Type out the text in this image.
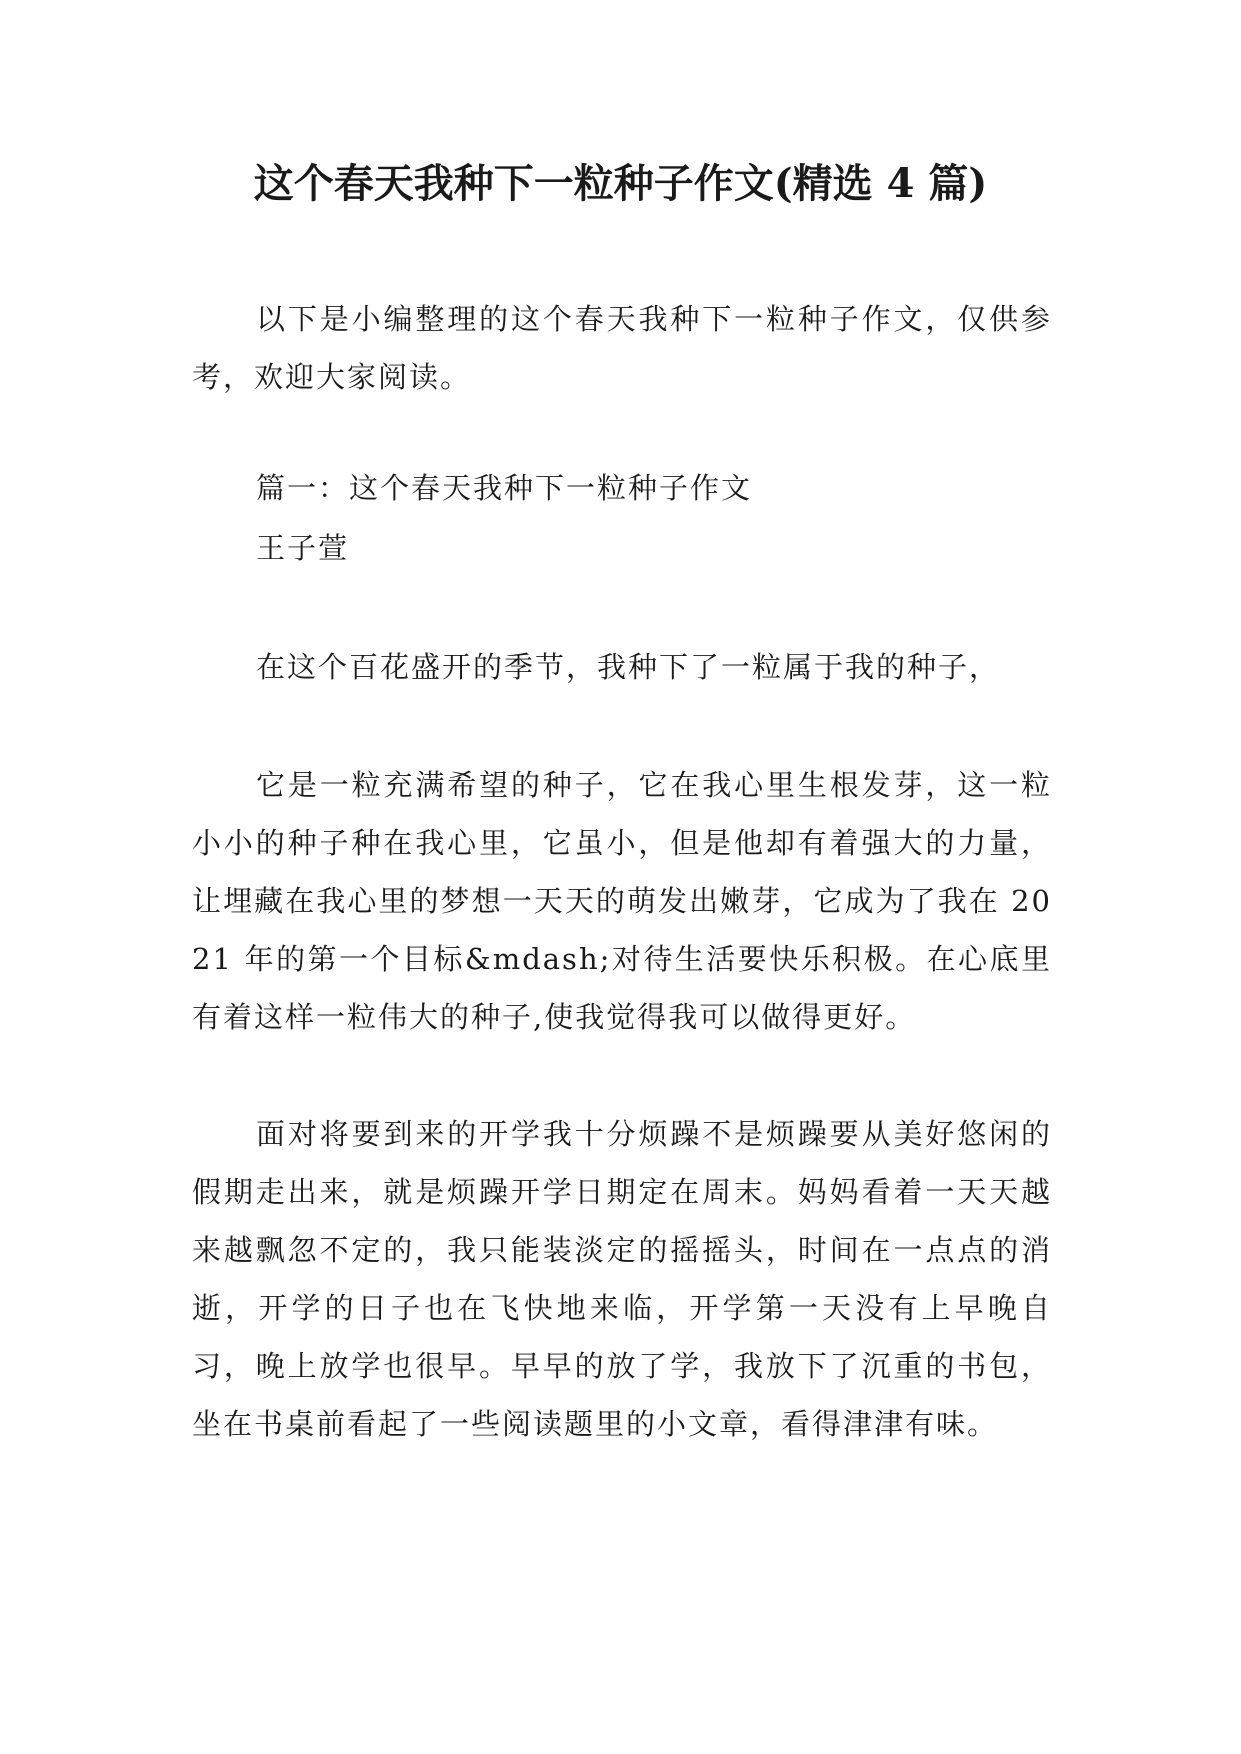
这个春天我种下一粒种子作文(精选 4 篇)
以下是小编整理的这个春天我种下一粒种子作文，仅供参考，欢迎大家阅读。
篇一：这个春天我种下一粒种子作文
王子萱
在这个百花盛开的季节，我种下了一粒属于我的种子，
它是一粒充满希望的种子，它在我心里生根发芽，这一粒小小的种子种在我心里，它虽小，但是他却有着强大的力量，让埋藏在我心里的梦想一天天的萌发出嫩芽，它成为了我在 2021 年的第一个目标&mdash;对待生活要快乐积极。在心底里有着这样一粒伟大的种子,使我觉得我可以做得更好。
面对将要到来的开学我十分烦躁不是烦躁要从美好悠闲的假期走出来，就是烦躁开学日期定在周末。妈妈看着一天天越来越飘忽不定的，我只能装淡定的摇摇头，时间在一点点的消逝，开学的日子也在飞快地来临，开学第一天没有上早晚自习，晚上放学也很早。早早的放了学，我放下了沉重的书包，坐在书桌前看起了一些阅读题里的小文章，看得津津有味。
